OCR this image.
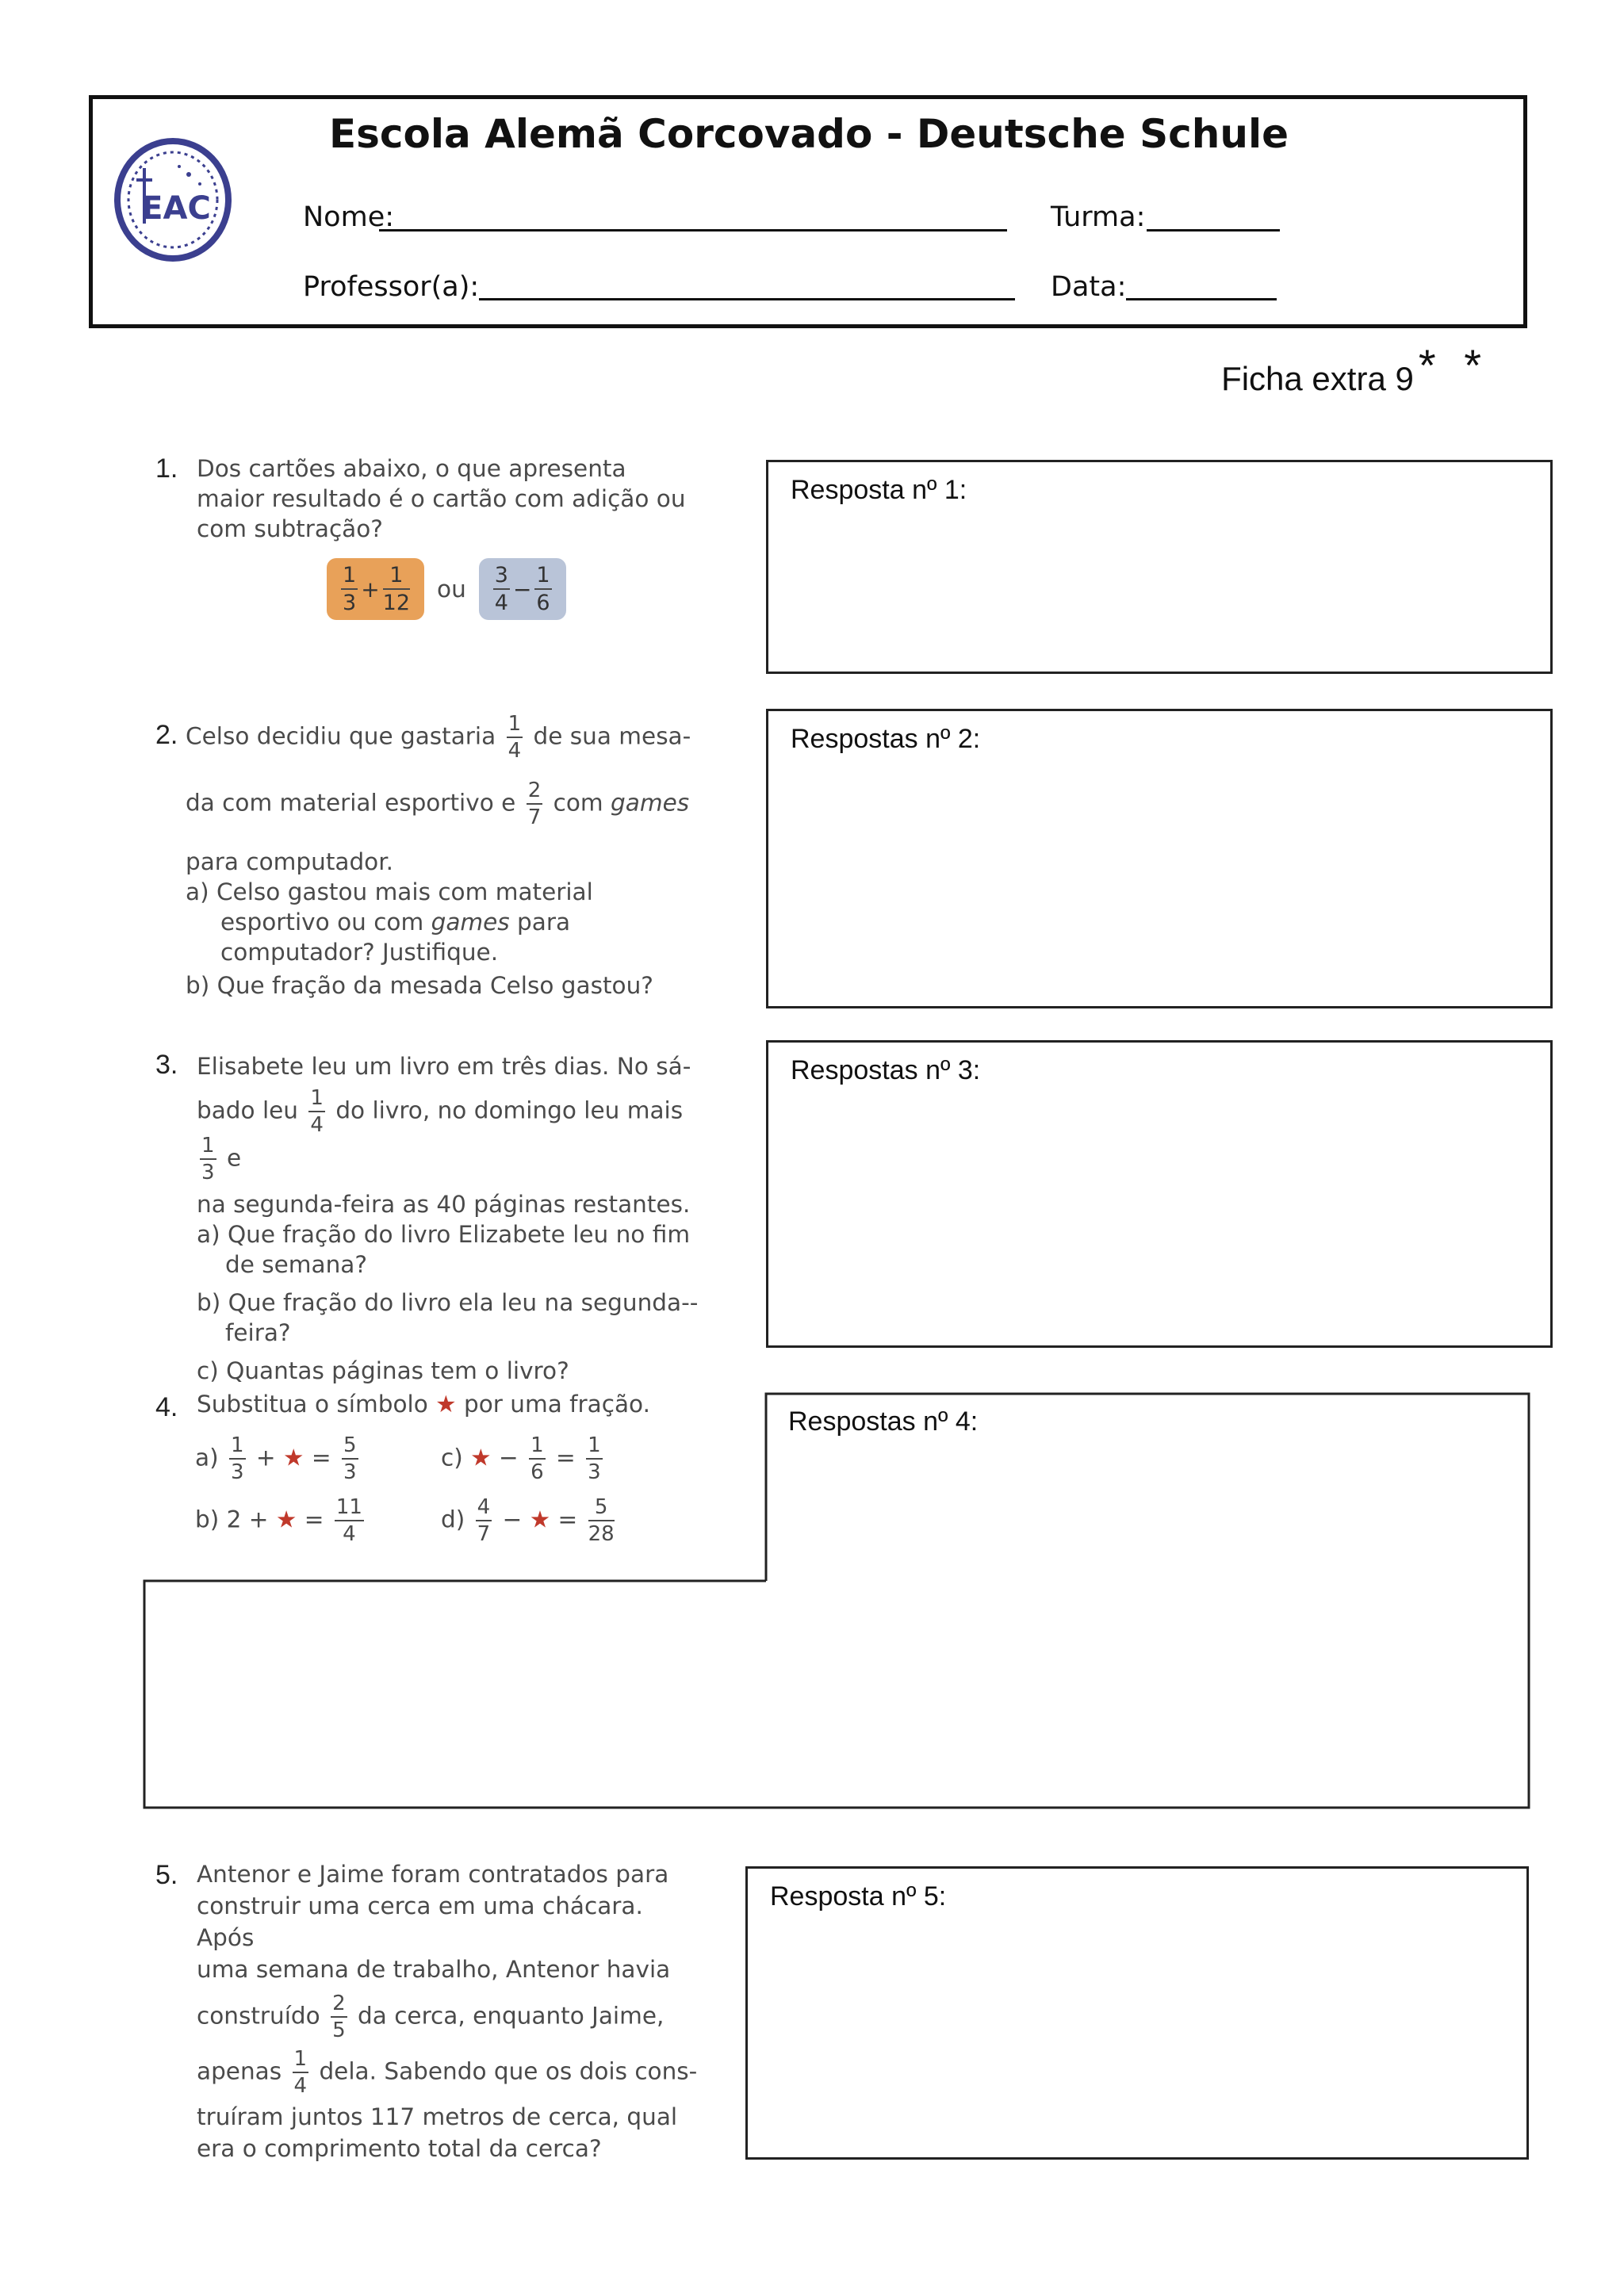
EAC
Escola Alemã Corcovado - Deutsche Schule
Nome:	Turma:
Professor(a):	Data:
Ficha extra 9 * *
1. Dos cartões abaixo, o que apresenta maior resultado é o cartão com adição ou com subtração?

$\frac{1}{3} + \frac{1}{12}$ ou $\frac{3}{4} - \frac{1}{6}$
Resposta nº 1:
2. Celso decidiu que gastaria $\frac{1}{4}$ de sua mesa-

da com material esportivo e $\frac{2}{7}$ com games

para computador.

a) Celso gastou mais com material esportivo ou com games para computador? Justifique.

b) Que fração da mesada Celso gastou?

Respostas nº 2:
3. Elisabete leu um livro em três dias. No sá-

bado leu $\frac{1}{4}$ do livro, no domingo leu mais
$\frac{1}{3}$ e

na segunda-feira as 40 páginas restantes.

a) Que fração do livro Elizabete leu no fim de semana?

b) Que fração do livro ela leu na segunda--feira?

c) Quantas páginas tem o livro?

Respostas nº 3:
4. Substitua o símbolo ★ por uma fração.

$a) \frac{1}{3}$ + ★ = $\frac{5}{3}$	c) ★ − $\frac{1}{6} = \frac{1}{3}$
b) 2 + ★ = $\frac{11}{4}$	$d) \frac{4}{7}$ − ★ = $\frac{5}{28}$
Respostas nº 4:
5. Antenor e Jaime foram contratados para

construir uma cerca em uma chácara. Após

uma semana de trabalho, Antenor havia

construído $\frac{2}{5}$ da cerca, enquanto Jaime,

apenas $\frac{1}{4}$ dela. Sabendo que os dois cons-

truíram juntos 117 metros de cerca, qual

era o comprimento total da cerca?

Resposta nº 5:
